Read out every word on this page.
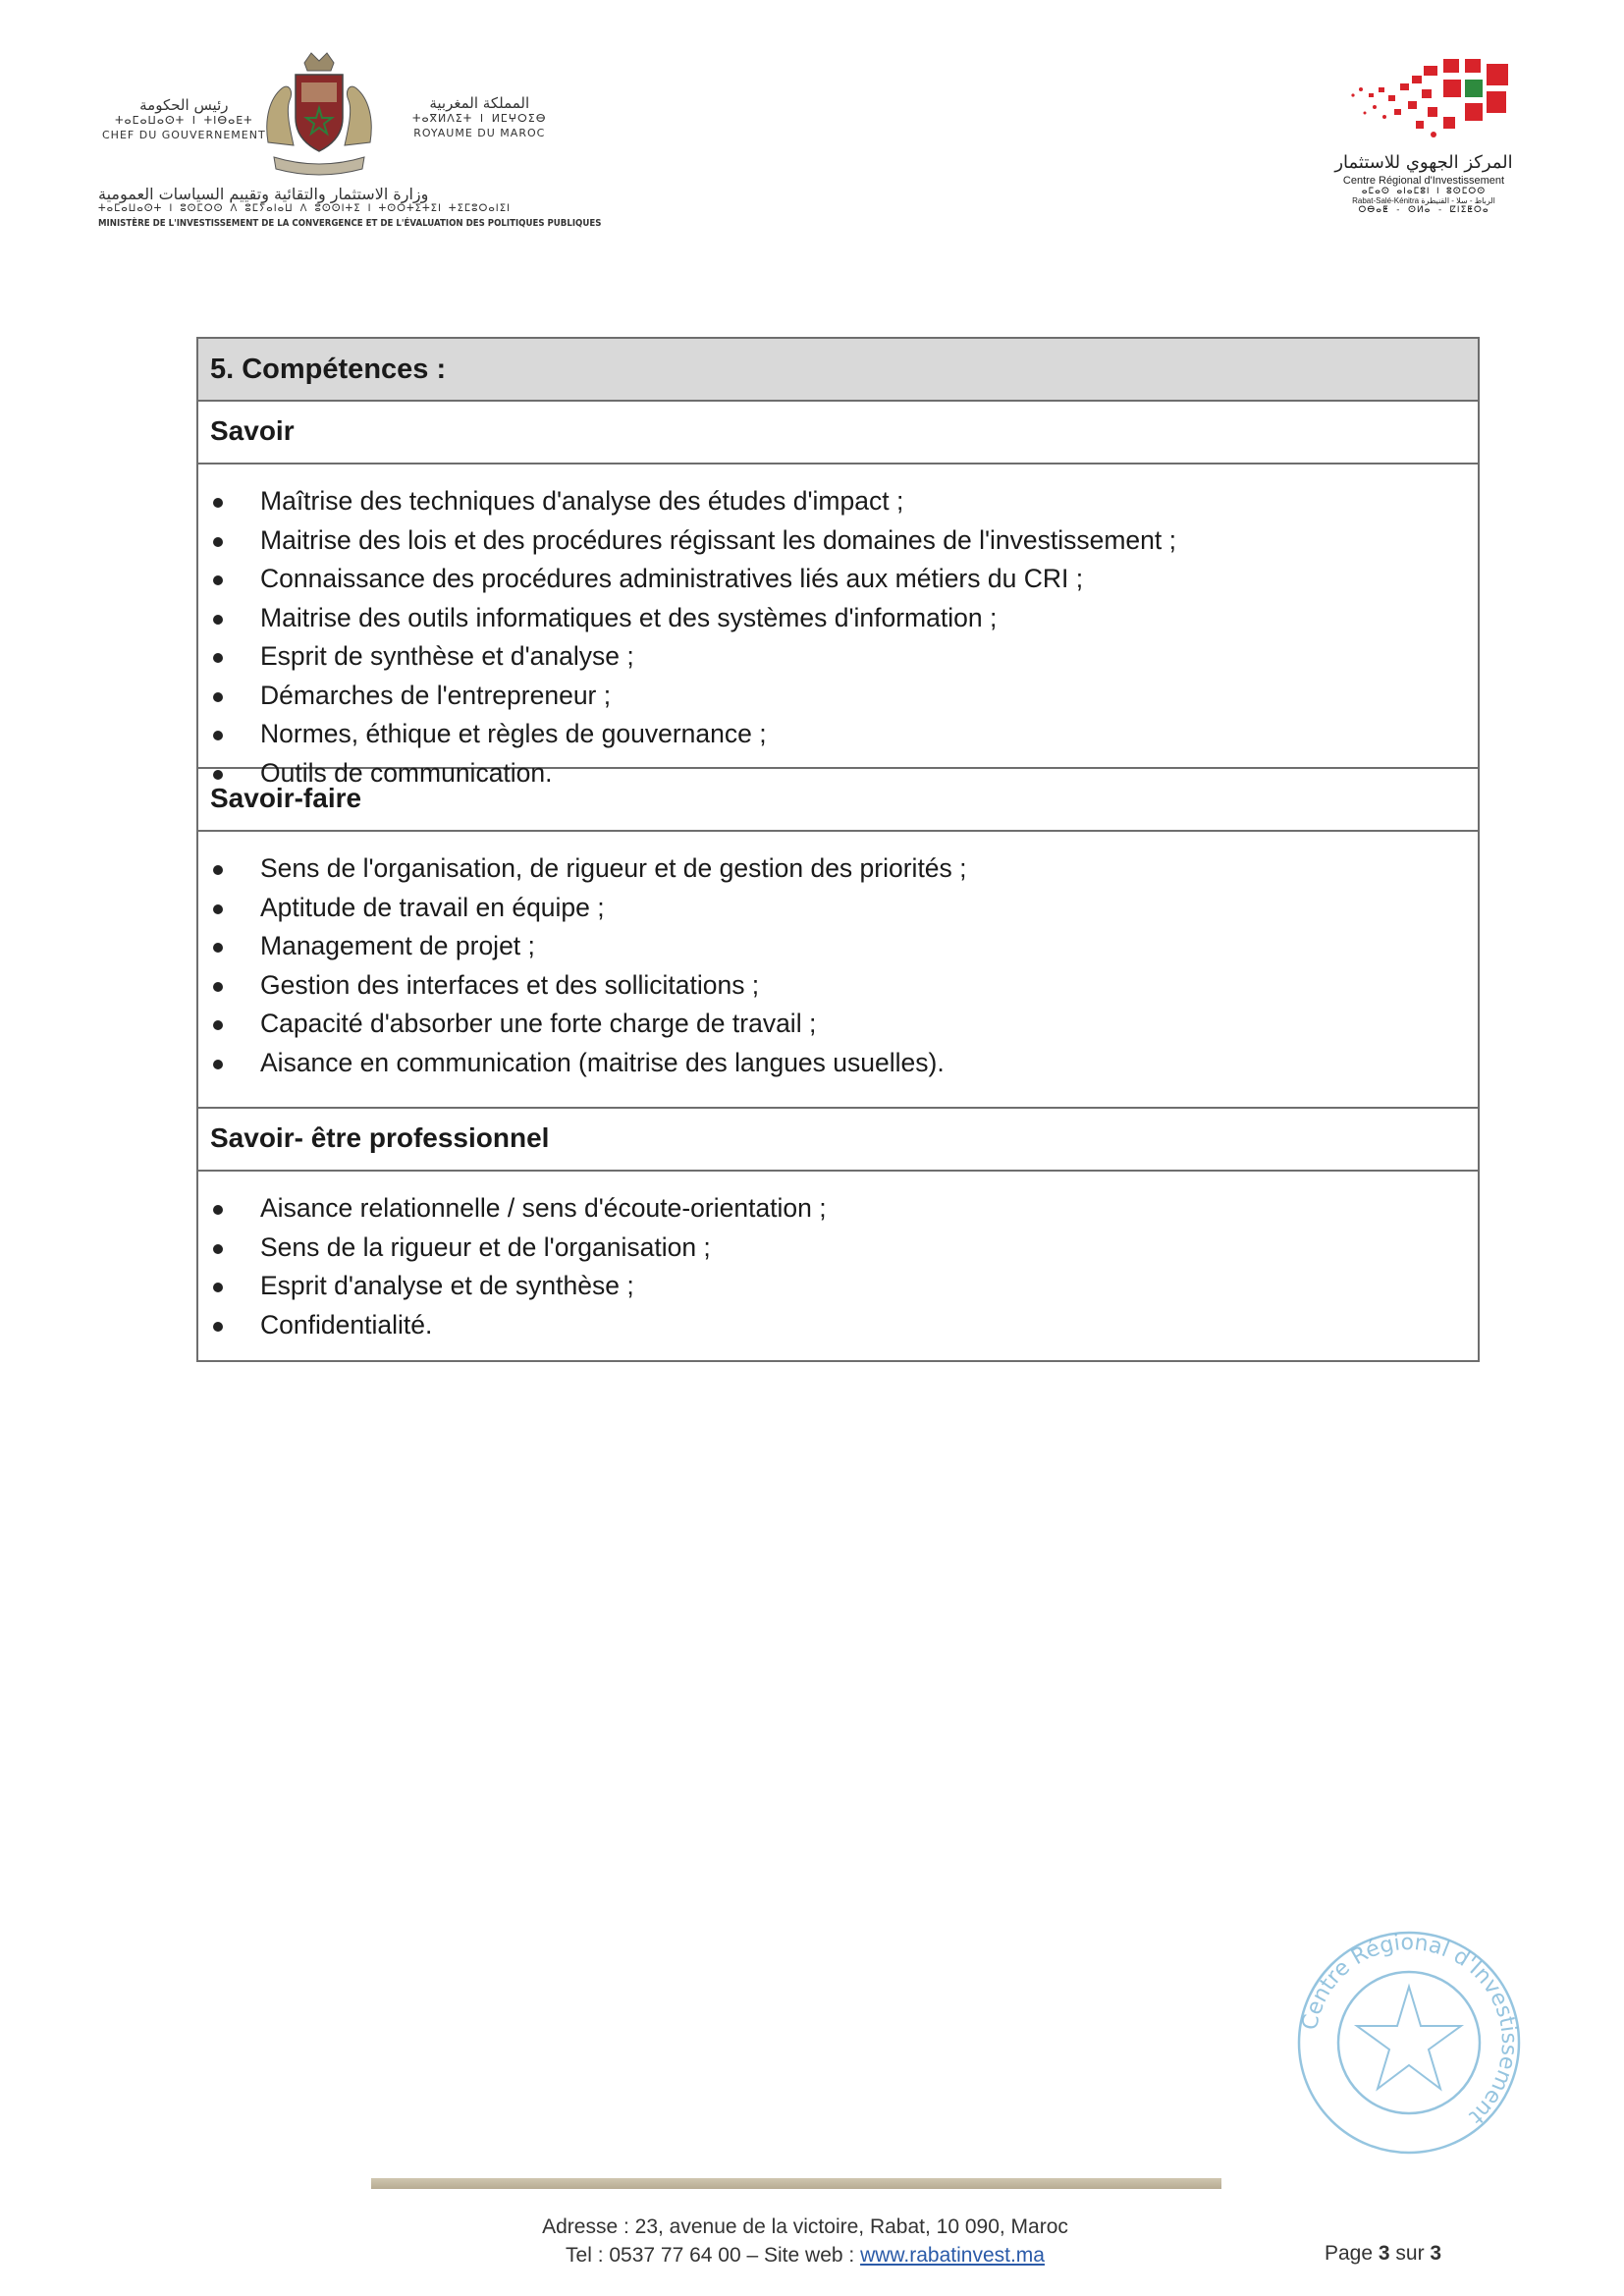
رئيس الحكومة
ⵜⴰⵎⴰⵡⴰⵙⵜ ⵏ ⵜⵏⴱⴰⴹⵜ
CHEF DU GOUVERNEMENT
المملكة المغربية
ⵜⴰⴳⵍⴷⵉⵜ ⵏ ⵍⵎⵖⵔⵉⴱ
ROYAUME DU MAROC
وزارة الاستثمار والتقائية وتقييم السياسات العمومية
ⵜⴰⵎⴰⵡⴰⵙⵜ ⵏ ⵓⵙⵎⵔⵙ ⴷ ⵓⵎⵢⴰⵏⴰⵡ ⴷ ⵓⵙⵙⵏⵜⵉ ⵏ ⵜⵙⵔⵜⵉⵜⵉⵏ ⵜⵉⵎⵓⵔⴰⵏⵉⵏ
MINISTÈRE DE L'INVESTISSEMENT DE LA CONVERGENCE ET DE L'ÉVALUATION DES POLITIQUES PUBLIQUES
المركز الجهوي للاستثمار
Centre Régional d'Investissement
ⴰⵎⴰⵙ ⴰⵏⴰⵎⵓⵏ ⵏ ⵓⵙⵎⵔⵙ
Rabat-Salé-Kénitra الرباط - سلا - القنيطرة
ⵔⴱⴰⵟ - ⵙⵍⴰ - ⵇⵏⵉⵟⵔⴰ
5. Compétences :
Savoir
Maîtrise des techniques d'analyse des études d'impact ;
Maitrise des lois et des procédures régissant les domaines de l'investissement ;
Connaissance des procédures administratives liés aux métiers du CRI ;
Maitrise des outils informatiques et des systèmes d'information ;
Esprit de synthèse et d'analyse ;
Démarches de l'entrepreneur ;
Normes, éthique et règles de gouvernance ;
Outils de communication.
Savoir-faire
Sens de l'organisation, de rigueur et de gestion des priorités ;
Aptitude de travail en équipe ;
Management de projet ;
Gestion des interfaces et des sollicitations ;
Capacité d'absorber une forte charge de travail ;
Aisance en communication (maitrise des langues usuelles).
Savoir- être professionnel
Aisance relationnelle / sens d'écoute-orientation ;
Sens de la rigueur et de l'organisation ;
Esprit d'analyse et de synthèse ;
Confidentialité.
Centre Régional d'Investissement
Adresse : 23, avenue de la victoire, Rabat, 10 090, Maroc
Tel : 0537 77 64 00 – Site web : www.rabatinvest.ma	Page 3 sur 3
